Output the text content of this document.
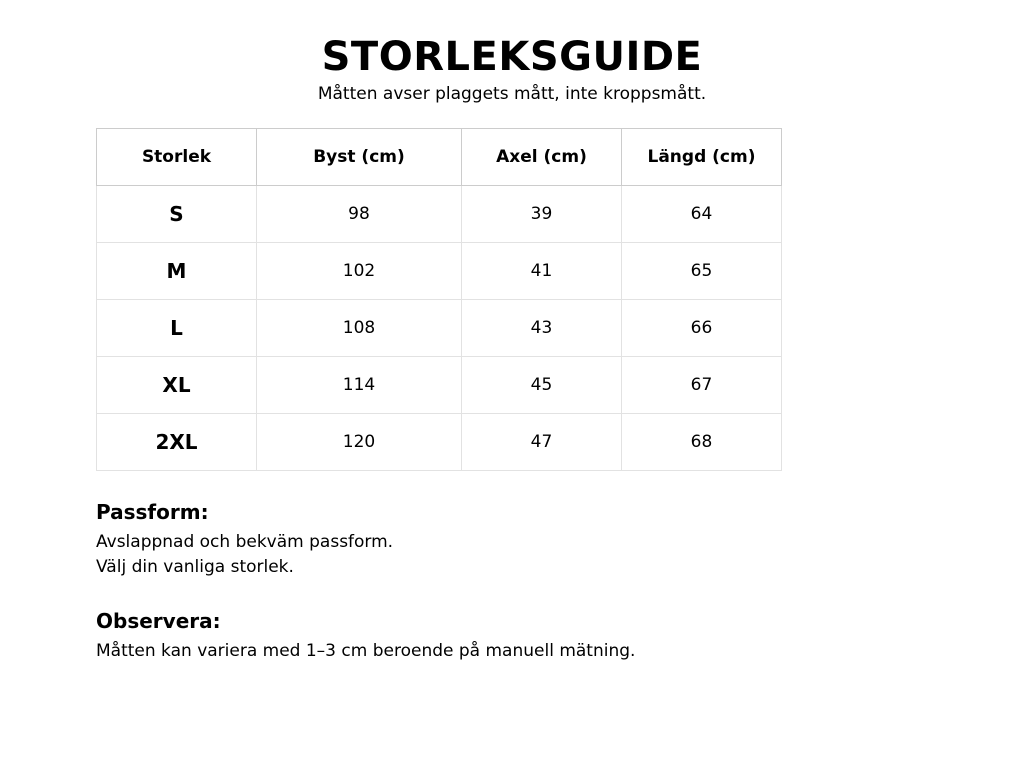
STORLEKSGUIDE
Måtten avser plaggets mått, inte kroppsmått.
Storlek	Byst (cm)	Axel (cm)	Längd (cm)
S	98	39	64
M	102	41	65
L	108	43	66
XL	114	45	67
2XL	120	47	68
Passform:
Avslappnad och bekväm passform.
Välj din vanliga storlek.
Observera:
Måtten kan variera med 1–3 cm beroende på manuell mätning.
